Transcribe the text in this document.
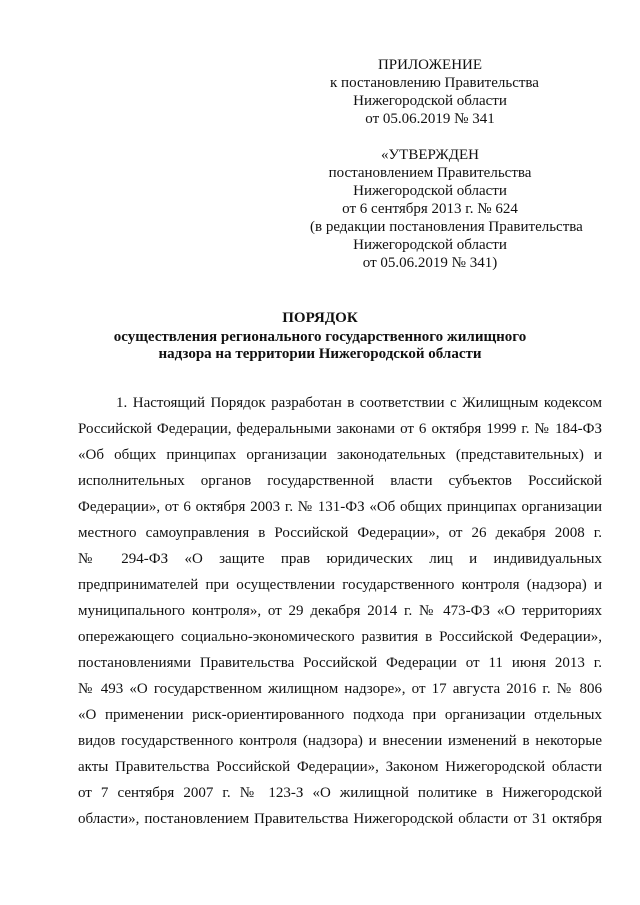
ПРИЛОЖЕНИЕ
к постановлению Правительства
Нижегородской области
от 05.06.2019 № 341
«УТВЕРЖДЕН
постановлением Правительства
Нижегородской области
от 6 сентября 2013 г. № 624
(в редакции постановления Правительства
Нижегородской области
от 05.06.2019 № 341)
ПОРЯДОК
осуществления регионального государственного жилищного
надзора на территории Нижегородской области
1. Настоящий Порядок разработан в соответствии с Жилищным кодексом
Российской Федерации, федеральными законами от 6 октября 1999 г. № 184-ФЗ
«Об общих принципах организации законодательных (представительных) и
исполнительных органов государственной власти субъектов Российской
Федерации», от 6 октября 2003 г. № 131-ФЗ «Об общих принципах организации
местного самоуправления в Российской Федерации», от 26 декабря 2008 г.
№ 294-ФЗ «О защите прав юридических лиц и индивидуальных
предпринимателей при осуществлении государственного контроля (надзора) и
муниципального контроля», от 29 декабря 2014 г. № 473-ФЗ «О территориях
опережающего социально-экономического развития в Российской Федерации»,
постановлениями Правительства Российской Федерации от 11 июня 2013 г.
№ 493 «О государственном жилищном надзоре», от 17 августа 2016 г. № 806
«О применении риск-ориентированного подхода при организации отдельных
видов государственного контроля (надзора) и внесении изменений в некоторые
акты Правительства Российской Федерации», Законом Нижегородской области
от 7 сентября 2007 г. № 123-З «О жилищной политике в Нижегородской
области», постановлением Правительства Нижегородской области от 31 октября
